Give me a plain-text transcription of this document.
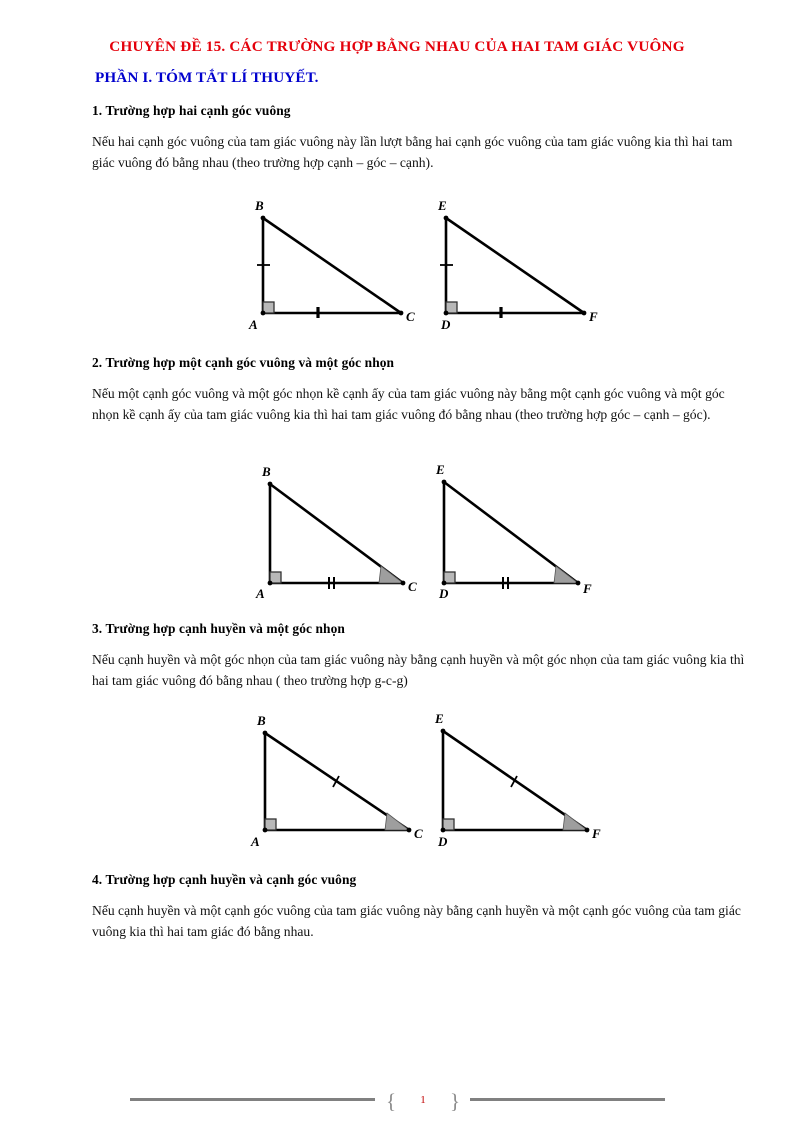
CHUYÊN ĐỀ 15. CÁC TRƯỜNG HỢP BẰNG NHAU CỦA HAI TAM GIÁC VUÔNG
PHẦN I. TÓM TẮT LÍ THUYẾT.
1. Trường hợp hai cạnh góc vuông
Nếu hai cạnh góc vuông của tam giác vuông này lần lượt bằng hai cạnh góc vuông của tam giác vuông kia thì hai tam giác vuông đó bằng nhau (theo trường hợp cạnh – góc – cạnh).
B
A
C
E
D
F
2. Trường hợp một cạnh góc vuông và một góc nhọn
Nếu một cạnh góc vuông và một góc nhọn kề cạnh ấy của tam giác vuông này bằng một cạnh góc vuông và một góc nhọn kề cạnh ấy của tam giác vuông kia thì hai tam giác vuông đó bằng nhau (theo trường hợp góc – cạnh – góc).
B
A	C
E
D	F
3. Trường hợp cạnh huyền và một góc nhọn
Nếu cạnh huyền và một góc nhọn của tam giác vuông này bằng cạnh huyền và một góc nhọn của tam giác vuông kia thì hai tam giác vuông đó bằng nhau ( theo trường hợp g-c-g)
B
A
C
E
D
F
4. Trường hợp cạnh huyền và cạnh góc vuông
Nếu cạnh huyền và một cạnh góc vuông của tam giác vuông này bằng cạnh huyền và một cạnh góc vuông của tam giác vuông kia thì hai tam giác đó bằng nhau.
{	1	}
